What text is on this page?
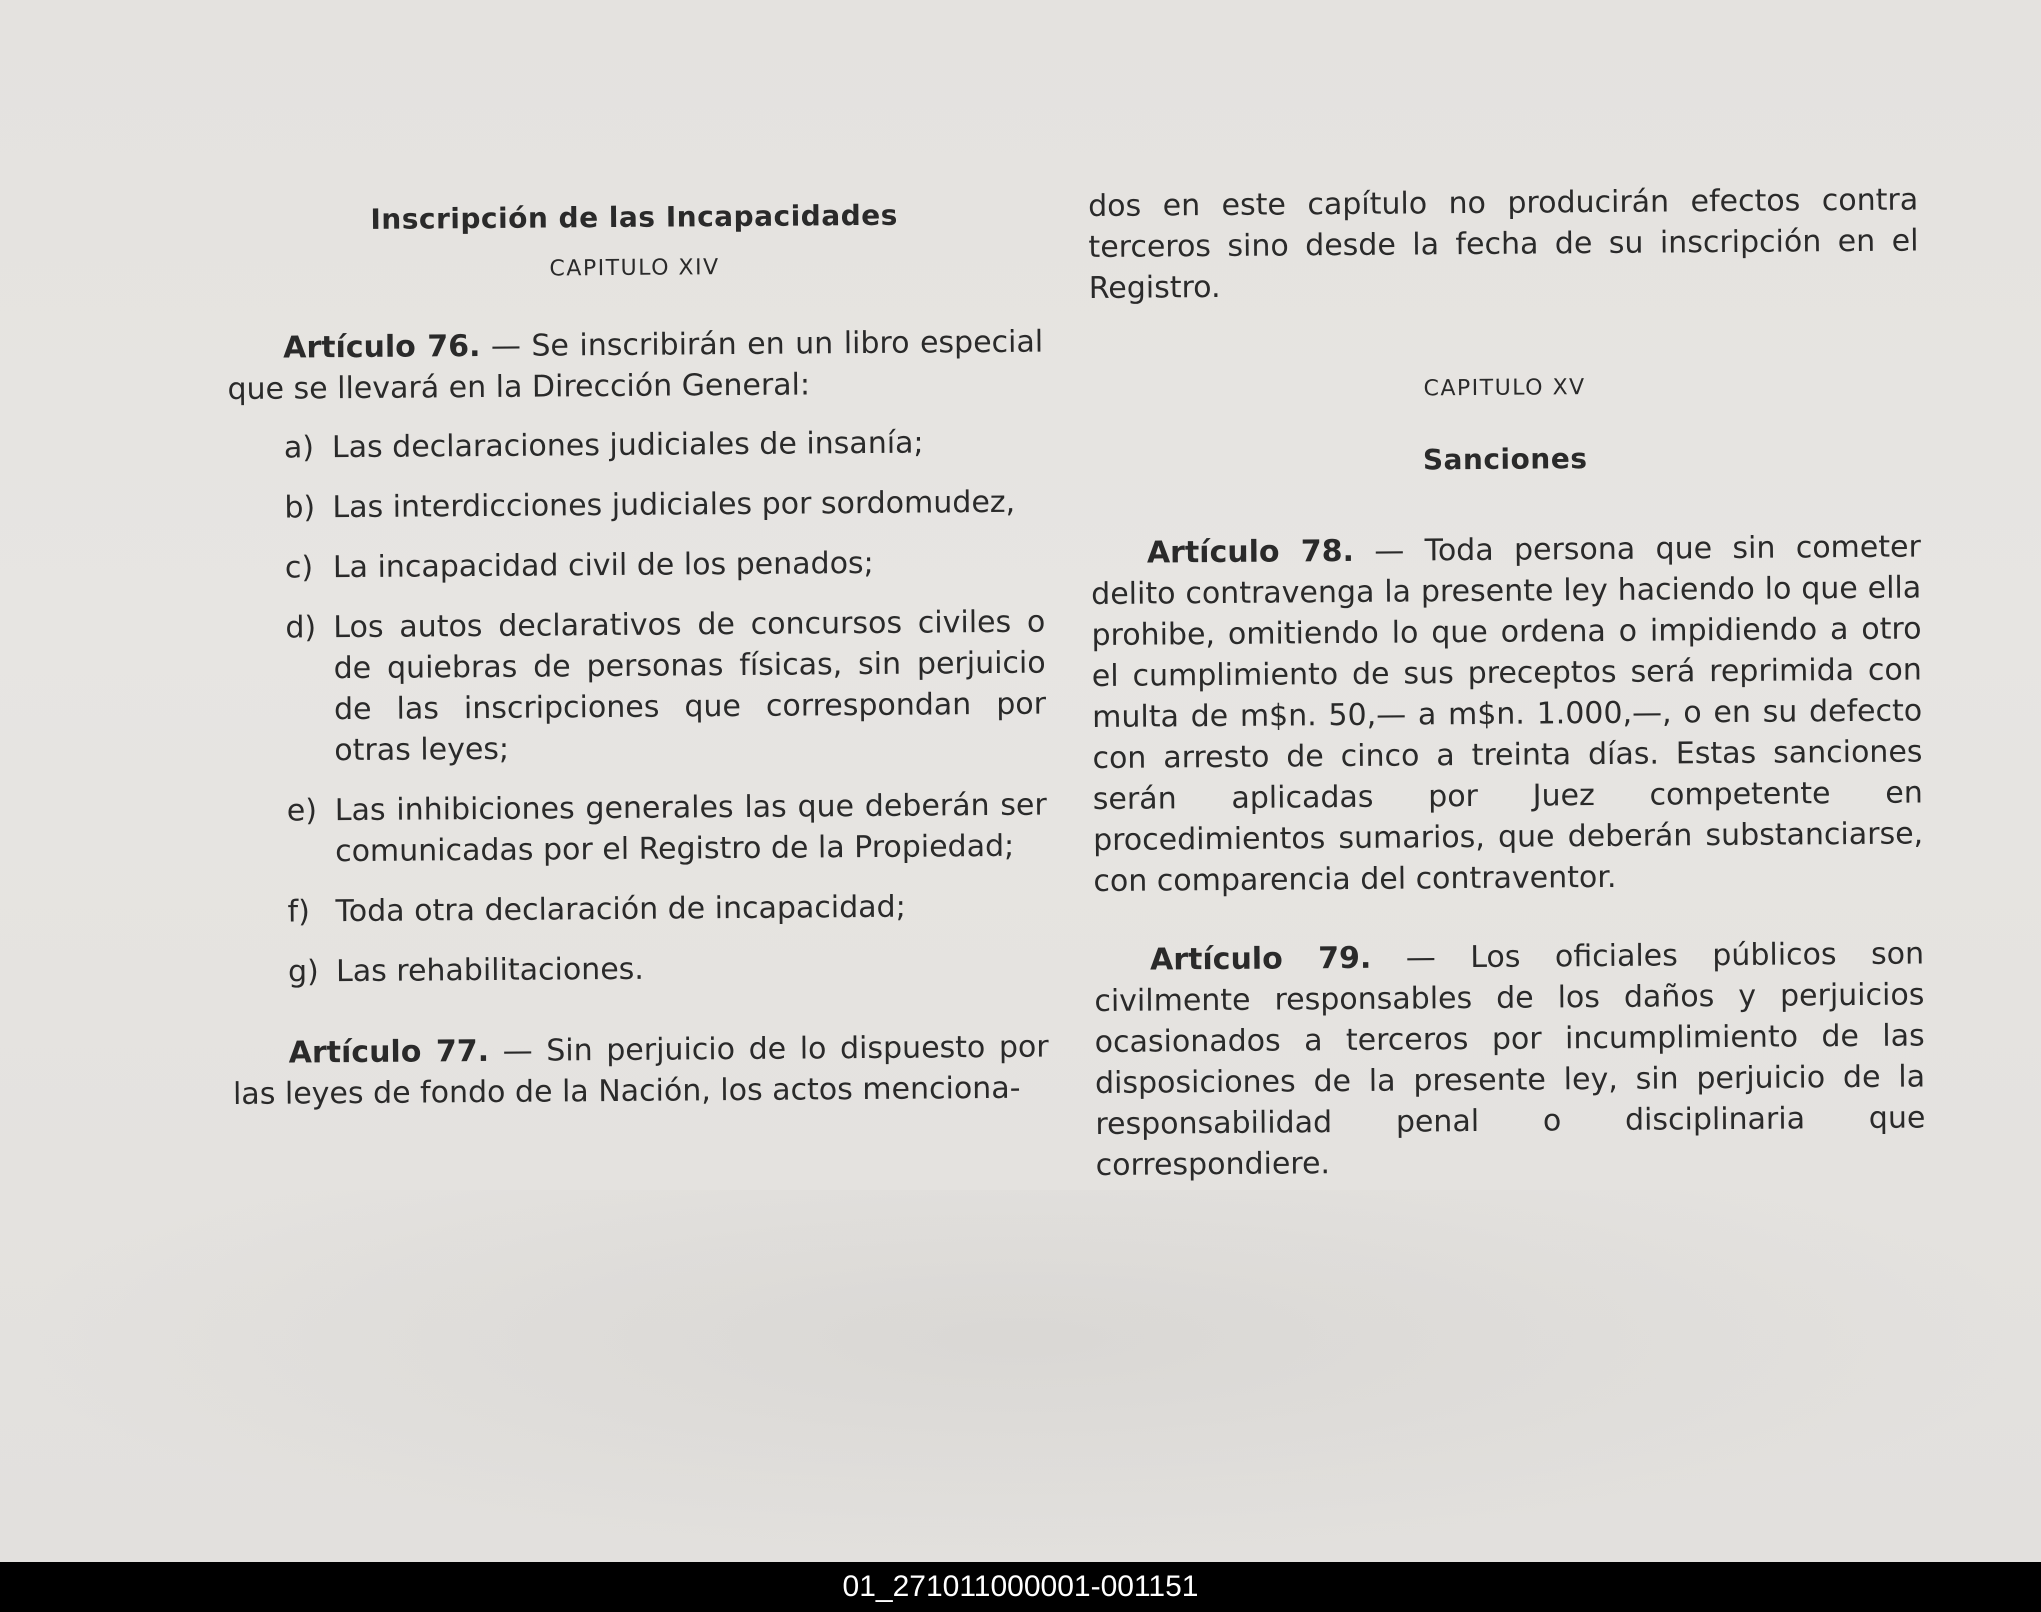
Inscripción de las Incapacidades
CAPITULO XIV

Artículo 76. — Se inscribirán en un libro especial que se llevará en la Dirección General:

a) Las declaraciones judiciales de insanía;
b) Las interdicciones judiciales por sordomudez,
c) La incapacidad civil de los penados;
d) Los autos declarativos de concursos civiles o de quiebras de personas físicas, sin perjuicio de las inscripciones que correspondan por otras leyes;
e) Las inhibiciones generales las que deberán ser comunicadas por el Registro de la Propiedad;
f) Toda otra declaración de incapacidad;
g) Las rehabilitaciones.

Artículo 77. — Sin perjuicio de lo dispuesto por las leyes de fondo de la Nación, los actos menciona-

dos en este capítulo no producirán efectos contra terceros sino desde la fecha de su inscripción en el Registro.

CAPITULO XV
Sanciones

Artículo 78. — Toda persona que sin cometer delito contravenga la presente ley haciendo lo que ella prohibe, omitiendo lo que ordena o impidiendo a otro el cumplimiento de sus preceptos será reprimida con multa de m$n. 50,— a m$n. 1.000,—, o en su defecto con arresto de cinco a treinta días. Estas sanciones serán aplicadas por Juez competente en procedimientos sumarios, que deberán substanciarse, con comparencia del contraventor.

Artículo 79. — Los oficiales públicos son civilmente responsables de los daños y perjuicios ocasionados a terceros por incumplimiento de las disposiciones de la presente ley, sin perjuicio de la responsabilidad penal o disciplinaria que correspondiere.

01_271011000001-001151
